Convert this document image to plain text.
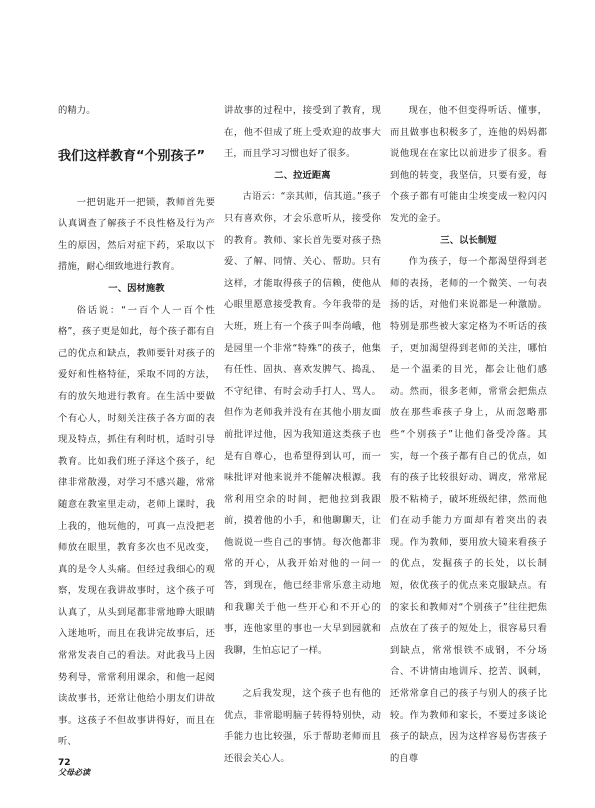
的精力。

我们这样教育“个别孩子”

一把钥匙开一把锁，教师首先要认真调查了解孩子不良性格及行为产生的原因，然后对症下药，采取以下措施，耐心细致地进行教育。

一、因材施教

俗话说：“一百个人一百个性格”，孩子更是如此，每个孩子都有自己的优点和缺点，教师要针对孩子的爱好和性格特征，采取不同的方法，有的放矢地进行教育。在生活中要做个有心人，时刻关注孩子各方面的表现及特点，抓住有利时机，适时引导教育。比如我们班子泽这个孩子，纪律非常散漫，对学习不感兴趣，常常随意在教室里走动，老师上课时，我上我的，他玩他的，可真一点没把老师放在眼里，教育多次也不见改变，真的是令人头痛。但经过我细心的观察，发现在我讲故事时，这个孩子可认真了，从头到尾都非常地睁大眼睛入迷地听，而且在我讲完故事后，还常常发表自己的看法。对此我马上因势利导，常常利用课余，和他一起阅读故事书，还常让他给小朋友们讲故事。这孩子不但故事讲得好，而且在听、

讲故事的过程中，接受到了教育，现在，他不但成了班上受欢迎的故事大王，而且学习习惯也好了很多。

二、拉近距离

古语云：“亲其师，信其道。”孩子只有喜欢你，才会乐意听从，接受你的教育。教师、家长首先要对孩子热爱、了解、同情、关心、帮助。只有这样，才能取得孩子的信赖，使他从心眼里愿意接受教育。今年我带的是大班，班上有一个孩子叫李尚峨，他是园里一个非常“特殊”的孩子，他集有任性、固执、喜欢发脾气、捣乱、不守纪律、有时会动手打人、骂人。但作为老师我并没有在其他小朋友面前批评过他，因为我知道这类孩子也是有自尊心，也希望得到认可，而一味批评对他来说并不能解决根源。我常利用空余的时间，把他拉到我跟前，摸着他的小手，和他聊聊天，让他说说一些自己的事情。每次他都非常的开心，从我开始对他的一问一答，到现在，他已经非常乐意主动地和我聊关于他一些开心和不开心的事，连他家里的事也一大早到园就和我聊，生怕忘记了一样。

之后我发现，这个孩子也有他的优点，非常聪明脑子转得特别快，动手能力也比较强，乐于帮助老师而且还很会关心人。

现在，他不但变得听话、懂事，而且做事也积极多了，连他的妈妈都说他现在在家比以前进步了很多。看到他的转变，我坚信，只要有爱，每个孩子都有可能由尘埃变成一粒闪闪发光的金子。

三、以长制短

作为孩子，每一个都渴望得到老师的表扬，老师的一个微笑、一句表扬的话，对他们来说都是一种激励。特别是那些被大家定格为不听话的孩子，更加渴望得到老师的关注，哪怕是一个温柔的目光，都会让他们感动。然而，很多老师，常常会把焦点放在那些乖孩子身上，从而忽略那些“个别孩子”让他们备受冷落。其实，每一个孩子都有自己的优点，如有的孩子比较很好动、调皮，常常屁股不粘椅子，破坏班级纪律，然而他们在动手能力方面却有着突出的表现。作为教师，要用放大镜来看孩子的优点，发掘孩子的长处，以长制短，依优孩子的优点来克服缺点。有的家长和教师对“个别孩子”往往把焦点放在了孩子的短处上，很容易只看到缺点，常常恨铁不成钢，不分场合、不讲情由地训斥、挖苦、讽刺，还常常拿自己的孩子与别人的孩子比较。作为教师和家长，不要过多谈论孩子的缺点，因为这样容易伤害孩子的自尊

72
父母必读
